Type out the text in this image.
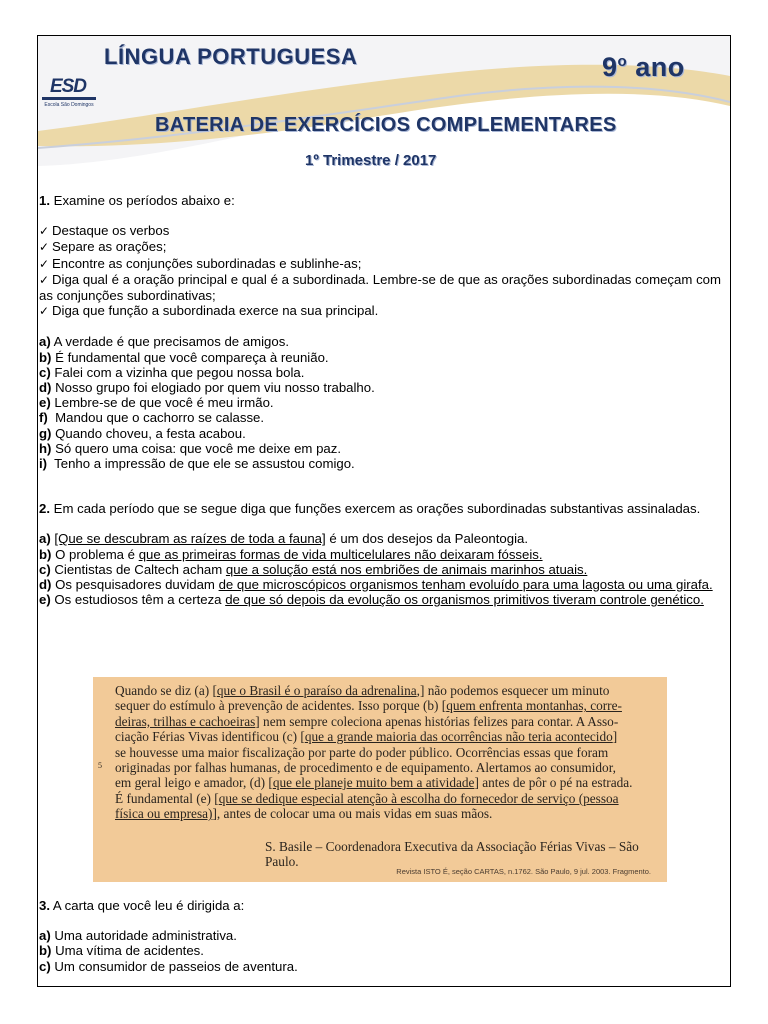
LÍNGUA PORTUGUESA	9$^o$ ano
ESD
Escola São Domingos
BATERIA DE EXERCÍCIOS COMPLEMENTARES
1º Trimestre / 2017

1. Examine os períodos abaixo e:

✓ Destaque os verbos

✓ Separe as orações;

✓ Encontre as conjunções subordinadas e sublinhe-as;

✓ Diga qual é a oração principal e qual é a subordinada. Lembre-se de que as orações subordinadas começam com as conjunções subordinativas;

✓ Diga que função a subordinada exerce na sua principal.

a) A verdade é que precisamos de amigos.

b) É fundamental que você compareça à reunião.

c) Falei com a vizinha que pegou nossa bola.

d) Nosso grupo foi elogiado por quem viu nosso trabalho.

e) Lembre-se de que você é meu irmão.

f)  Mandou que o cachorro se calasse.

g) Quando choveu, a festa acabou.

h) Só quero uma coisa: que você me deixe em paz.

i)  Tenho a impressão de que ele se assustou comigo.

2. Em cada período que se segue diga que funções exercem as orações subordinadas substantivas assinaladas.

a) [Que se descubram as raízes de toda a fauna] é um dos desejos da Paleontogia.

b) O problema é que as primeiras formas de vida multicelulares não deixaram fósseis.

c) Cientistas de Caltech acham que a solução está nos embriões de animais marinhos atuais.

d) Os pesquisadores duvidam de que microscópicos organismos tenham evoluído para uma lagosta ou uma girafa.

e) Os estudiosos têm a certeza de que só depois da evolução os organismos primitivos tiveram controle genético.

5
Quando se diz (a) [que o Brasil é o paraíso da adrenalina,] não podemos esquecer um minuto
sequer do estímulo à prevenção de acidentes. Isso porque (b) [quem enfrenta montanhas, corre-
deiras, trilhas e cachoeiras] nem sempre coleciona apenas histórias felizes para contar. A Asso-
ciação Férias Vivas identificou (c) [que a grande maioria das ocorrências não teria acontecido]
se houvesse uma maior fiscalização por parte do poder público. Ocorrências essas que foram
originadas por falhas humanas, de procedimento e de equipamento. Alertamos ao consumidor,
em geral leigo e amador, (d) [que ele planeje muito bem a atividade] antes de pôr o pé na estrada.
É fundamental (e) [que se dedique especial atenção à escolha do fornecedor de serviço (pessoa
física ou empresa)], antes de colocar uma ou mais vidas em suas mãos.
S. Basile – Coordenadora Executiva da Associação Férias Vivas – São Paulo.
Revista ISTO É, seção CARTAS, n.1762. São Paulo, 9 jul. 2003. Fragmento.

3. A carta que você leu é dirigida a:

a) Uma autoridade administrativa.

b) Uma vítima de acidentes.

c) Um consumidor de passeios de aventura.
